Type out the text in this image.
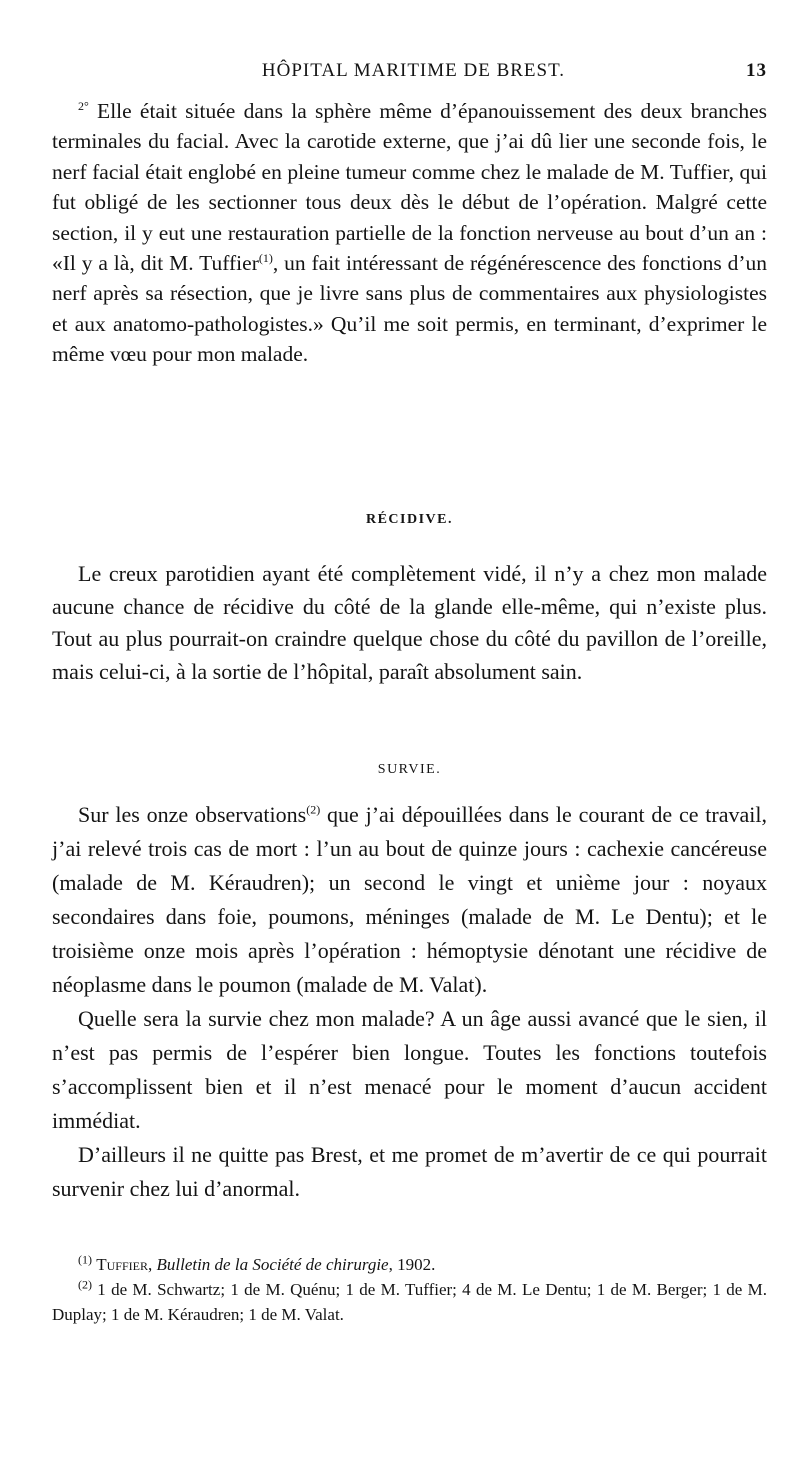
HÔPITAL MARITIME DE BREST.	13

$^{2^\circ}$ Elle était située dans la sphère même d’épanouissement des deux branches terminales du facial. Avec la carotide externe, que j’ai dû lier une seconde fois, le nerf facial était englobé en pleine tumeur comme chez le malade de M. Tuffier, qui fut obligé de les sectionner tous deux dès le début de l’opération. Malgré cette section, il y eut une restauration partielle de la fonction nerveuse au bout d’un an : «Il y a là, dit M. Tuffier$^{(1)}$, un fait intéressant de régénérescence des fonctions d’un nerf après sa résection, que je livre sans plus de commentaires aux physiologistes et aux anatomo-pathologistes.» Qu’il me soit permis, en terminant, d’exprimer le même vœu pour mon malade.

RÉCIDIVE.

Le creux parotidien ayant été complètement vidé, il n’y a chez mon malade aucune chance de récidive du côté de la glande elle-même, qui n’existe plus. Tout au plus pourrait-on craindre quelque chose du côté du pavillon de l’oreille, mais celui-ci, à la sortie de l’hôpital, paraît absolument sain.

SURVIE.

Sur les onze observations$^{(2)}$ que j’ai dépouillées dans le courant de ce travail, j’ai relevé trois cas de mort : l’un au bout de quinze jours : cachexie cancéreuse (malade de M. Kéraudren); un second le vingt et unième jour : noyaux secondaires dans foie, poumons, méninges (malade de M. Le Dentu); et le troisième onze mois après l’opération : hémoptysie dénotant une récidive de néoplasme dans le poumon (malade de M. Valat).

Quelle sera la survie chez mon malade? A un âge aussi avancé que le sien, il n’est pas permis de l’espérer bien longue. Toutes les fonctions toutefois s’accomplissent bien et il n’est menacé pour le moment d’aucun accident immédiat.

D’ailleurs il ne quitte pas Brest, et me promet de m’avertir de ce qui pourrait survenir chez lui d’anormal.

$^{(1)}$ Tuffier, Bulletin de la Société de chirurgie, 1902.

$^{(2)}$ 1 de M. Schwartz; 1 de M. Quénu; 1 de M. Tuffier; 4 de M. Le Dentu; 1 de M. Berger; 1 de M. Duplay; 1 de M. Kéraudren; 1 de M. Valat.
